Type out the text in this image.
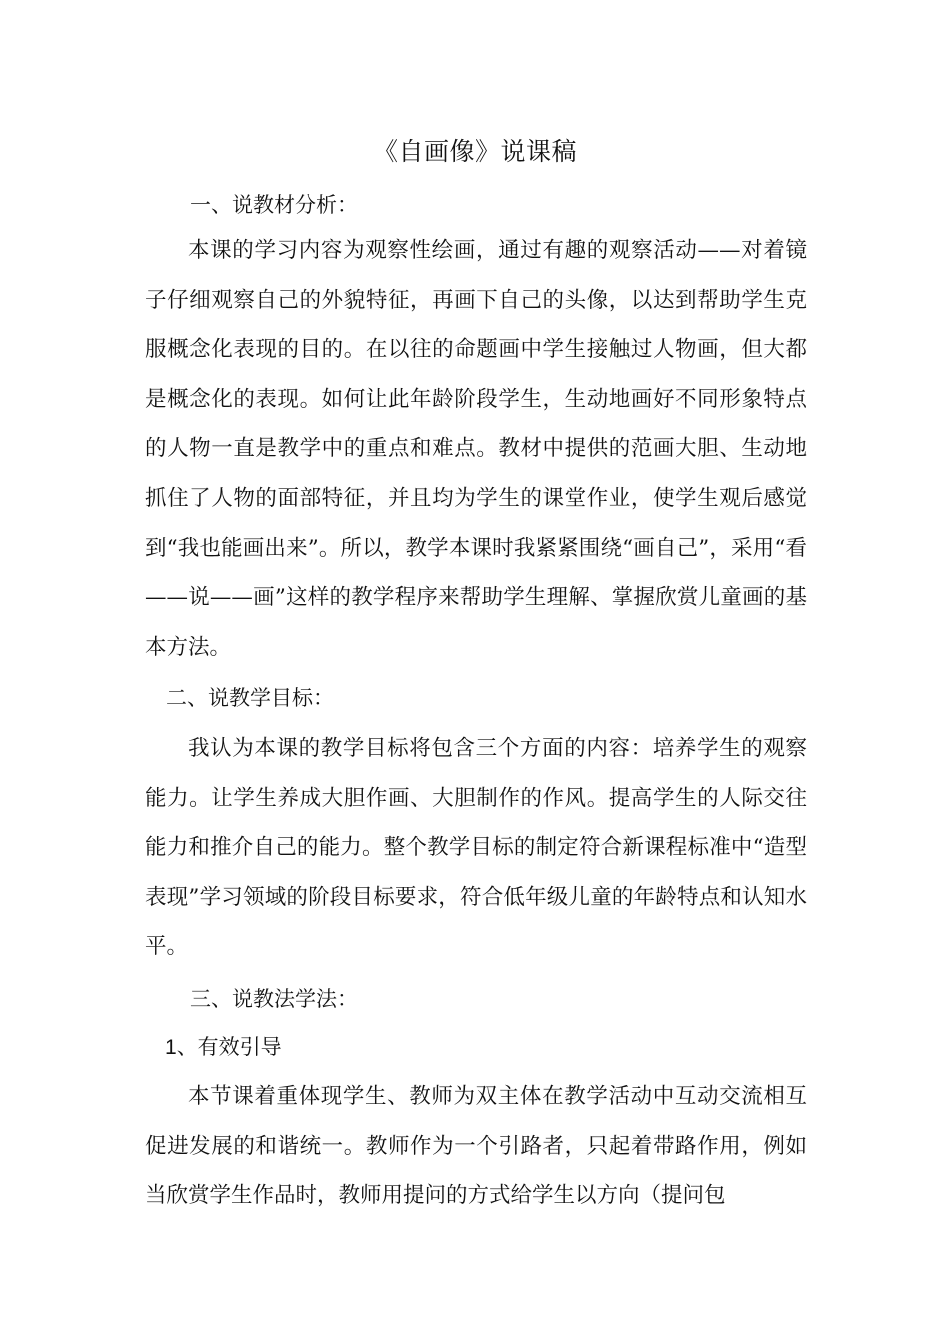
《自画像》说课稿
一、说教材分析：

本课的学习内容为观察性绘画，通过有趣的观察活动——对着镜子仔细观察自己的外貌特征，再画下自己的头像，以达到帮助学生克服概念化表现的目的。在以往的命题画中学生接触过人物画，但大都是概念化的表现。如何让此年龄阶段学生，生动地画好不同形象特点的人物一直是教学中的重点和难点。教材中提供的范画大胆、生动地抓住了人物的面部特征，并且均为学生的课堂作业，使学生观后感觉到“我也能画出来”。所以，教学本课时我紧紧围绕“画自己”，采用“看——说——画”这样的教学程序来帮助学生理解、掌握欣赏儿童画的基本方法。

二、说教学目标：

我认为本课的教学目标将包含三个方面的内容：培养学生的观察能力。让学生养成大胆作画、大胆制作的作风。提高学生的人际交往能力和推介自己的能力。整个教学目标的制定符合新课程标准中“造型表现”学习领域的阶段目标要求，符合低年级儿童的年龄特点和认知水平。

三、说教法学法：
1、有效引导

本节课着重体现学生、教师为双主体在教学活动中互动交流相互促进发展的和谐统一。教师作为一个引路者，只起着带路作用，例如当欣赏学生作品时，教师用提问的方式给学生以方向（提问包
